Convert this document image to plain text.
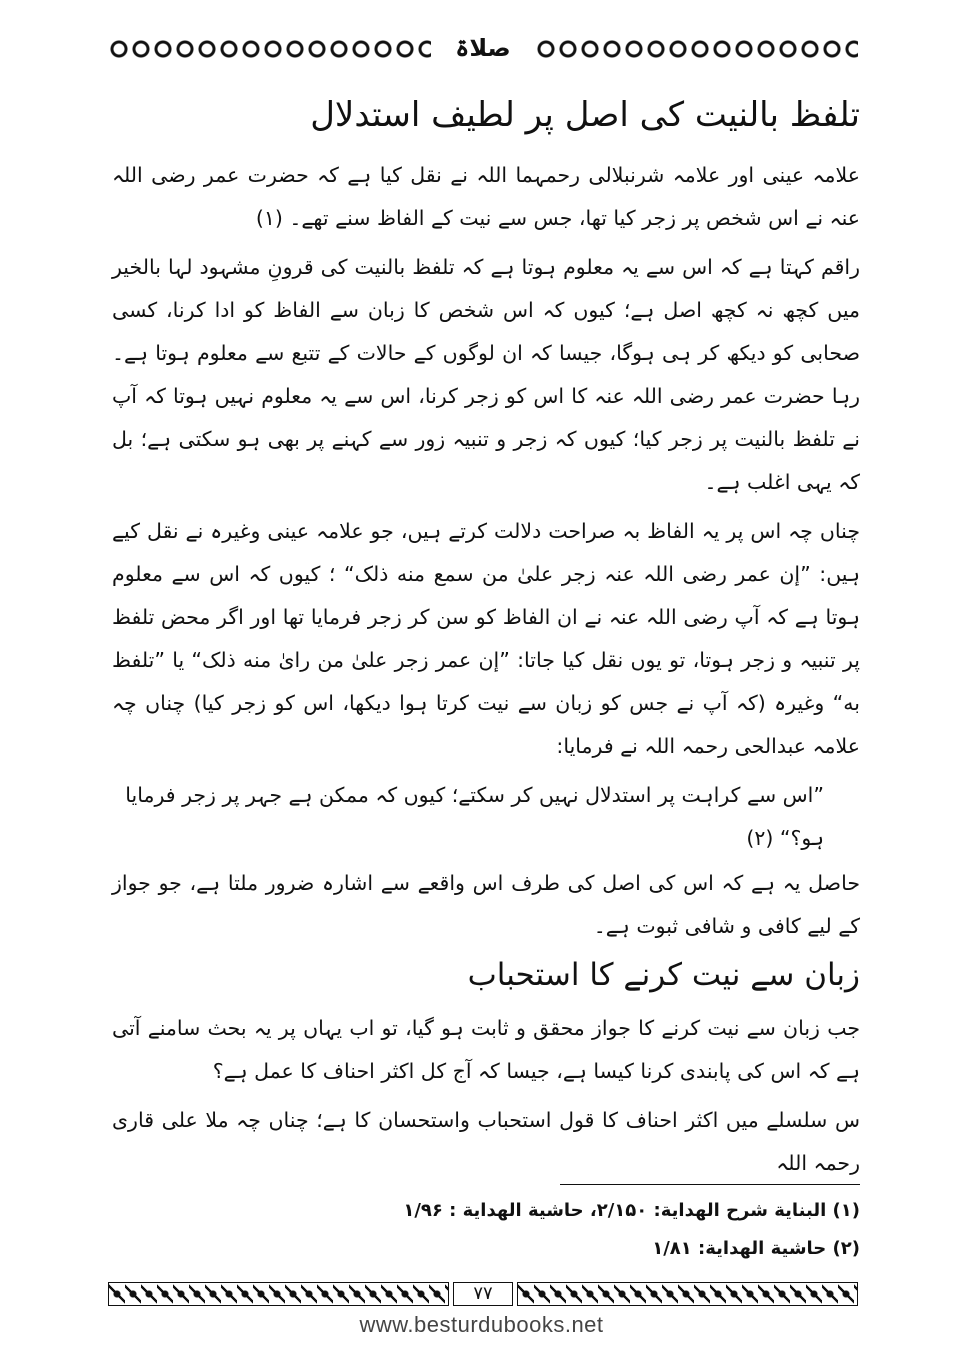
صلاۃ
تلفظ بالنیت کی اصل پر لطیف استدلال

علامہ عینی اور علامہ شرنبلالی رحمہما اللہ نے نقل کیا ہے کہ حضرت عمر رضی اللہ عنہ نے اس شخص پر زجر کیا تھا، جس سے نیت کے الفاظ سنے تھے۔ (۱)

راقم کہتا ہے کہ اس سے یہ معلوم ہوتا ہے کہ تلفظ بالنیت کی قرونِ مشہود لہا بالخیر میں کچھ نہ کچھ اصل ہے؛ کیوں کہ اس شخص کا زبان سے الفاظ کو ادا کرنا، کسی صحابی کو دیکھ کر ہی ہوگا، جیسا کہ ان لوگوں کے حالات کے تتبع سے معلوم ہوتا ہے۔ رہا حضرت عمر رضی اللہ عنہ کا اس کو زجر کرنا، اس سے یہ معلوم نہیں ہوتا کہ آپ نے تلفظ بالنیت پر زجر کیا؛ کیوں کہ زجر و تنبیہ زور سے کہنے پر بھی ہو سکتی ہے؛ بل کہ یہی اغلب ہے۔

چناں چہ اس پر یہ الفاظ بہ صراحت دلالت کرتے ہیں، جو علامہ عینی وغیرہ نے نقل کیے ہیں: ”إن عمر رضی اللہ عنہ زجر علیٰ من سمع منه ذلک“ ؛ کیوں کہ اس سے معلوم ہوتا ہے کہ آپ رضی اللہ عنہ نے ان الفاظ کو سن کر زجر فرمایا تھا اور اگر محض تلفظ پر تنبیہ و زجر ہوتا، تو یوں نقل کیا جاتا: ”إن عمر زجر علیٰ من رایٰ منه ذلک“ یا ”تلفظ به“ وغیرہ (کہ آپ نے جس کو زبان سے نیت کرتا ہوا دیکھا، اس کو زجر کیا) چناں چہ علامہ عبدالحی رحمہ اللہ نے فرمایا:

”اس سے کراہت پر استدلال نہیں کر سکتے؛ کیوں کہ ممکن ہے جہر پر زجر فرمایا ہو؟“ (۲)

حاصل یہ ہے کہ اس کی اصل کی طرف اس واقعے سے اشارہ ضرور ملتا ہے، جو جواز کے لیے کافی و شافی ثبوت ہے۔

زبان سے نیت کرنے کا استحباب

جب زبان سے نیت کرنے کا جواز محقق و ثابت ہو گیا، تو اب یہاں پر یہ بحث سامنے آتی ہے کہ اس کی پابندی کرنا کیسا ہے، جیسا کہ آج کل اکثر احناف کا عمل ہے؟

س سلسلے میں اکثر احناف کا قول استحباب واستحسان کا ہے؛ چناں چہ ملا علی قاری رحمہ اللہ

(۱) البنایة شرح الهدایة: ۲/۱۵۰، حاشیة الهدایة : ۱/۹۶
(۲) حاشیة الهدایة: ۱/۸۱
۷۷
www.besturdubooks.net
